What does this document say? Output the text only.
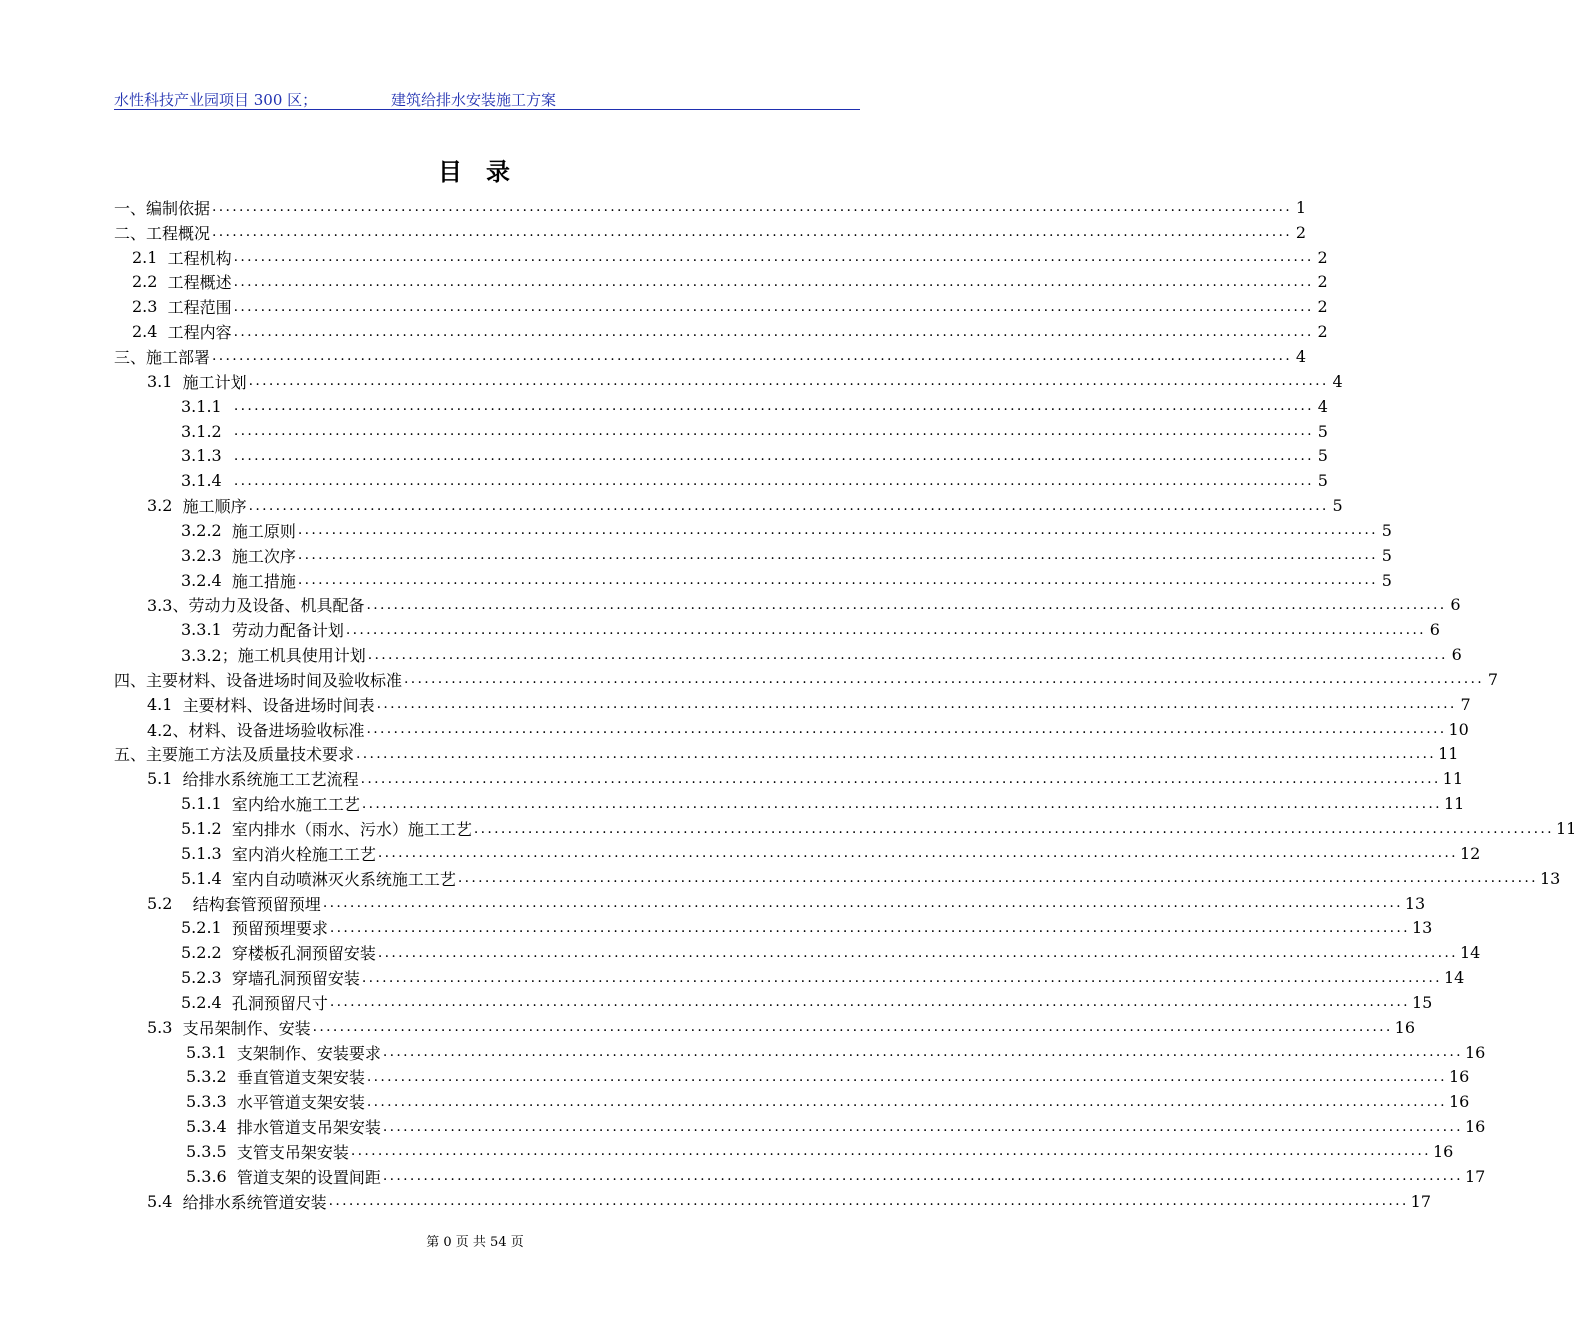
水性科技产业园项目 300 区；	建筑给排水安装施工方案
目 录
一、 编制依据 ................................................................................................................................................................ 1
二、 工程概况 ................................................................................................................................................................ 2
2.1
工程机构 ................................................................................................................................................................ 2
2.2
工程概述 ................................................................................................................................................................ 2
2.3
工程范围 ................................................................................................................................................................ 2
2.4
工程内容 ................................................................................................................................................................ 2
三、 施工部署 ................................................................................................................................................................ 4
3.1
施工计划 ................................................................................................................................................................ 4
3.1.1
................................................................................................................................................................ 4
3.1.2
................................................................................................................................................................ 5
3.1.3
................................................................................................................................................................ 5
3.1.4
................................................................................................................................................................ 5
3.2
施工顺序 ................................................................................................................................................................ 5
3.2.2
施工原则 ................................................................................................................................................................ 5
3.2.3
施工次序 ................................................................................................................................................................ 5
3.2.4
施工措施 ................................................................................................................................................................ 5
3.3、 劳动力及设备、机具配备 ................................................................................................................................................................ 6
3.3.1
劳动力配备计划 ................................................................................................................................................................ 6
3.3.2； 施工机具使用计划 ................................................................................................................................................................ 6
四、 主要材料、设备进场时间及验收标准 ................................................................................................................................................................ 7
4.1
主要材料、设备进场时间表 ................................................................................................................................................................ 7
4.2、 材料、设备进场验收标准 ................................................................................................................................................................ 10
五、 主要施工方法及质量技术要求 ................................................................................................................................................................ 11
5.1
给排水系统施工工艺流程 ................................................................................................................................................................ 11
5.1.1
室内给水施工工艺 ................................................................................................................................................................ 11
5.1.2
室内排水（雨水、污水）施工工艺 ................................................................................................................................................................ 11
5.1.3
室内消火栓施工工艺 ................................................................................................................................................................ 12
5.1.4
室内自动喷淋灭火系统施工工艺 ................................................................................................................................................................ 13
5.2
结构套管预留预埋 ................................................................................................................................................................ 13
5.2.1
预留预埋要求 ................................................................................................................................................................ 13
5.2.2
穿楼板孔洞预留安装 ................................................................................................................................................................ 14
5.2.3
穿墙孔洞预留安装 ................................................................................................................................................................ 14
5.2.4
孔洞预留尺寸 ................................................................................................................................................................ 15
5.3
支吊架制作、安装 ................................................................................................................................................................ 16
5.3.1
支架制作、安装要求 ................................................................................................................................................................ 16
5.3.2
垂直管道支架安装 ................................................................................................................................................................ 16
5.3.3
水平管道支架安装 ................................................................................................................................................................ 16
5.3.4
排水管道支吊架安装 ................................................................................................................................................................ 16
5.3.5
支管支吊架安装 ................................................................................................................................................................ 16
5.3.6
管道支架的设置间距 ................................................................................................................................................................ 17
5.4
给排水系统管道安装 ................................................................................................................................................................ 17
第 0 页 共 54 页
